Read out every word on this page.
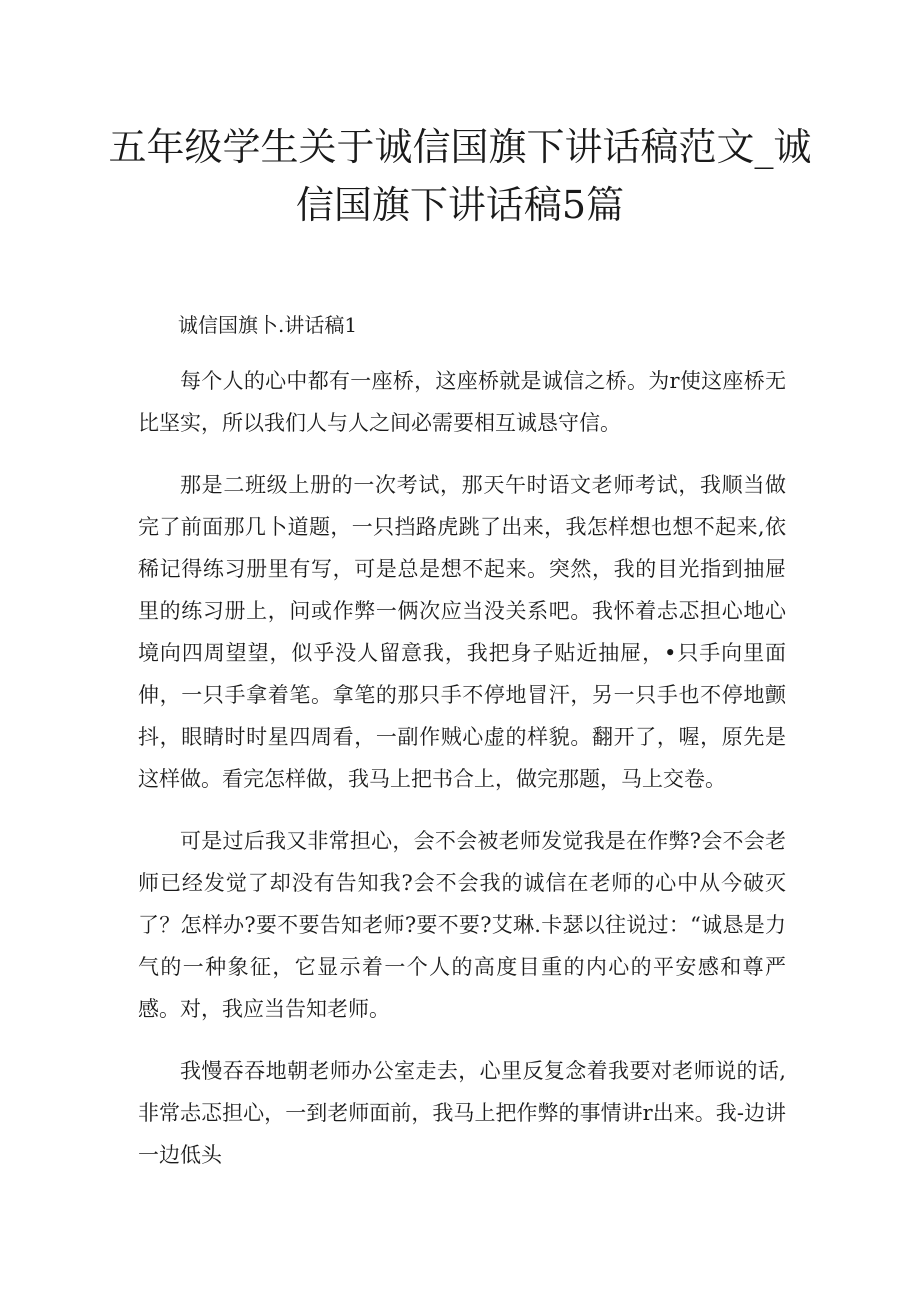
五年级学生关于诚信国旗下讲话稿范文_诚信国旗下讲话稿5篇

诚信国旗卜.讲话稿1

每个人的心中都有一座桥，这座桥就是诚信之桥。为r使这座桥无比坚实，所以我们人与人之间必需要相互诚恳守信。

那是二班级上册的一次考试，那天午时语文老师考试，我顺当做完了前面那几卜道题，一只挡路虎跳了出来，我怎样想也想不起来,依稀记得练习册里有写，可是总是想不起来。突然，我的目光指到抽屉里的练习册上，问或作弊一俩次应当没关系吧。我怀着忐忑担心地心境向四周望望，似乎没人留意我，我把身子贴近抽屉，•只手向里面伸，一只手拿着笔。拿笔的那只手不停地冒汗，另一只手也不停地颤抖，眼睛时时星四周看，一副作贼心虚的样貌。翻开了，喔，原先是这样做。看完怎样做，我马上把书合上，做完那题，马上交卷。

可是过后我又非常担心，会不会被老师发觉我是在作弊?会不会老师已经发觉了却没有告知我?会不会我的诚信在老师的心中从今破灭了？怎样办?要不要告知老师?要不要?艾琳.卡瑟以往说过：“诚恳是力气的一种象征，它显示着一个人的高度目重的内心的平安感和尊严感。对，我应当告知老师。

我慢吞吞地朝老师办公室走去，心里反复念着我要对老师说的话,非常忐忑担心，一到老师面前，我马上把作弊的事情讲r出来。我-边讲一边低头
